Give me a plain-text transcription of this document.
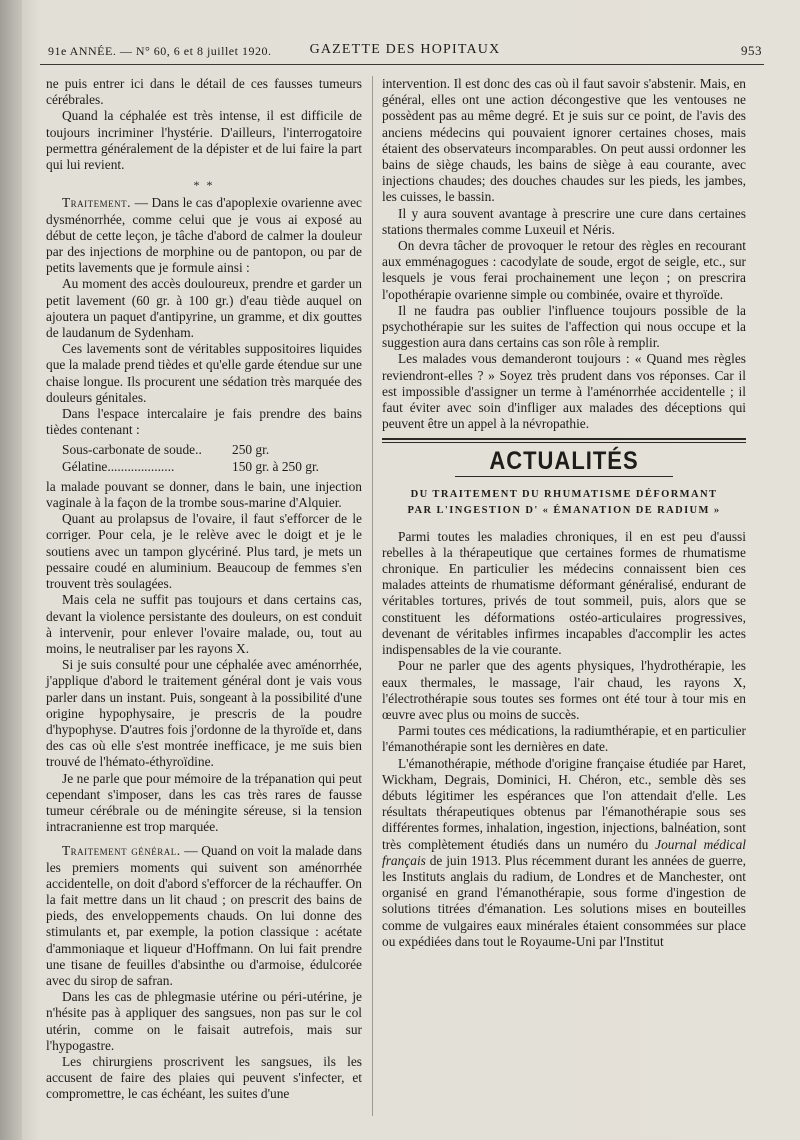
91e ANNÉE. — N° 60, 6 et 8 juillet 1920.	GAZETTE DES HOPITAUX	953

ne puis entrer ici dans le détail de ces fausses tumeurs cérébrales.

Quand la céphalée est très intense, il est difficile de toujours incriminer l'hystérie. D'ailleurs, l'interrogatoire permettra généralement de la dépister et de lui faire la part qui lui revient.

* *

Traitement. — Dans le cas d'apoplexie ovarienne avec dysménorrhée, comme celui que je vous ai exposé au début de cette leçon, je tâche d'abord de calmer la douleur par des injections de morphine ou de pantopon, ou par de petits lavements que je formule ainsi :

Au moment des accès douloureux, prendre et garder un petit lavement (60 gr. à 100 gr.) d'eau tiède auquel on ajoutera un paquet d'antipyrine, un gramme, et dix gouttes de laudanum de Sydenham.

Ces lavements sont de véritables suppositoires liquides que la malade prend tièdes et qu'elle garde étendue sur une chaise longue. Ils procurent une sédation très marquée des douleurs génitales.

Dans l'espace intercalaire je fais prendre des bains tièdes contenant :

Sous-carbonate de soude.. 250 gr.
Gélatine....................	150 gr. à 250 gr.

la malade pouvant se donner, dans le bain, une injection vaginale à la façon de la trombe sous-marine d'Alquier.

Quant au prolapsus de l'ovaire, il faut s'efforcer de le corriger. Pour cela, je le relève avec le doigt et je le soutiens avec un tampon glycériné. Plus tard, je mets un pessaire coudé en aluminium. Beaucoup de femmes s'en trouvent très soulagées.

Mais cela ne suffit pas toujours et dans certains cas, devant la violence persistante des douleurs, on est conduit à intervenir, pour enlever l'ovaire malade, ou, tout au moins, le neutraliser par les rayons X.

Si je suis consulté pour une céphalée avec aménorrhée, j'applique d'abord le traitement général dont je vais vous parler dans un instant. Puis, songeant à la possibilité d'une origine hypophysaire, je prescris de la poudre d'hypophyse. D'autres fois j'ordonne de la thyroïde et, dans des cas où elle s'est montrée inefficace, je me suis bien trouvé de l'hémato-éthyroïdine.

Je ne parle que pour mémoire de la trépanation qui peut cependant s'imposer, dans les cas très rares de fausse tumeur cérébrale ou de méningite séreuse, si la tension intracranienne est trop marquée.

Traitement général. — Quand on voit la malade dans les premiers moments qui suivent son aménorrhée accidentelle, on doit d'abord s'efforcer de la réchauffer. On la fait mettre dans un lit chaud ; on prescrit des bains de pieds, des enveloppements chauds. On lui donne des stimulants et, par exemple, la potion classique : acétate d'ammoniaque et liqueur d'Hoffmann. On lui fait prendre une tisane de feuilles d'absinthe ou d'armoise, édulcorée avec du sirop de safran.

Dans les cas de phlegmasie utérine ou péri-utérine, je n'hésite pas à appliquer des sangsues, non pas sur le col utérin, comme on le faisait autrefois, mais sur l'hypogastre.

Les chirurgiens proscrivent les sangsues, ils les accusent de faire des plaies qui peuvent s'infecter, et compromettre, le cas échéant, les suites d'une

intervention. Il est donc des cas où il faut savoir s'abstenir. Mais, en général, elles ont une action décongestive que les ventouses ne possèdent pas au même degré. Et je suis sur ce point, de l'avis des anciens médecins qui pouvaient ignorer certaines choses, mais étaient des observateurs incomparables. On peut aussi ordonner les bains de siège chauds, les bains de siège à eau courante, avec injections chaudes; des douches chaudes sur les pieds, les jambes, les cuisses, le bassin.

Il y aura souvent avantage à prescrire une cure dans certaines stations thermales comme Luxeuil et Néris.

On devra tâcher de provoquer le retour des règles en recourant aux emménagogues : cacodylate de soude, ergot de seigle, etc., sur lesquels je vous ferai prochainement une leçon ; on prescrira l'opothérapie ovarienne simple ou combinée, ovaire et thyroïde.

Il ne faudra pas oublier l'influence toujours possible de la psychothérapie sur les suites de l'affection qui nous occupe et la suggestion aura dans certains cas son rôle à remplir.

Les malades vous demanderont toujours : « Quand mes règles reviendront-elles ? » Soyez très prudent dans vos réponses. Car il est impossible d'assigner un terme à l'aménorrhée accidentelle ; il faut éviter avec soin d'infliger aux malades des déceptions qui peuvent être un appel à la névropathie.

ACTUALITÉS
DU TRAITEMENT DU RHUMATISME DÉFORMANT
PAR L'INGESTION D' « ÉMANATION DE RADIUM »

Parmi toutes les maladies chroniques, il en est peu d'aussi rebelles à la thérapeutique que certaines formes de rhumatisme chronique. En particulier les médecins connaissent bien ces malades atteints de rhumatisme déformant généralisé, endurant de véritables tortures, privés de tout sommeil, puis, alors que se constituent les déformations ostéo-articulaires progressives, devenant de véritables infirmes incapables d'accomplir les actes indispensables de la vie courante.

Pour ne parler que des agents physiques, l'hydrothérapie, les eaux thermales, le massage, l'air chaud, les rayons X, l'électrothérapie sous toutes ses formes ont été tour à tour mis en œuvre avec plus ou moins de succès.

Parmi toutes ces médications, la radiumthérapie, et en particulier l'émanothérapie sont les dernières en date.

L'émanothérapie, méthode d'origine française étudiée par Haret, Wickham, Degrais, Dominici, H. Chéron, etc., semble dès ses débuts légitimer les espérances que l'on attendait d'elle. Les résultats thérapeutiques obtenus par l'émanothérapie sous ses différentes formes, inhalation, ingestion, injections, balnéation, sont très complètement étudiés dans un numéro du Journal médical français de juin 1913. Plus récemment durant les années de guerre, les Instituts anglais du radium, de Londres et de Manchester, ont organisé en grand l'émanothérapie, sous forme d'ingestion de solutions titrées d'émanation. Les solutions mises en bouteilles comme de vulgaires eaux minérales étaient consommées sur place ou expédiées dans tout le Royaume-Uni par l'Institut
